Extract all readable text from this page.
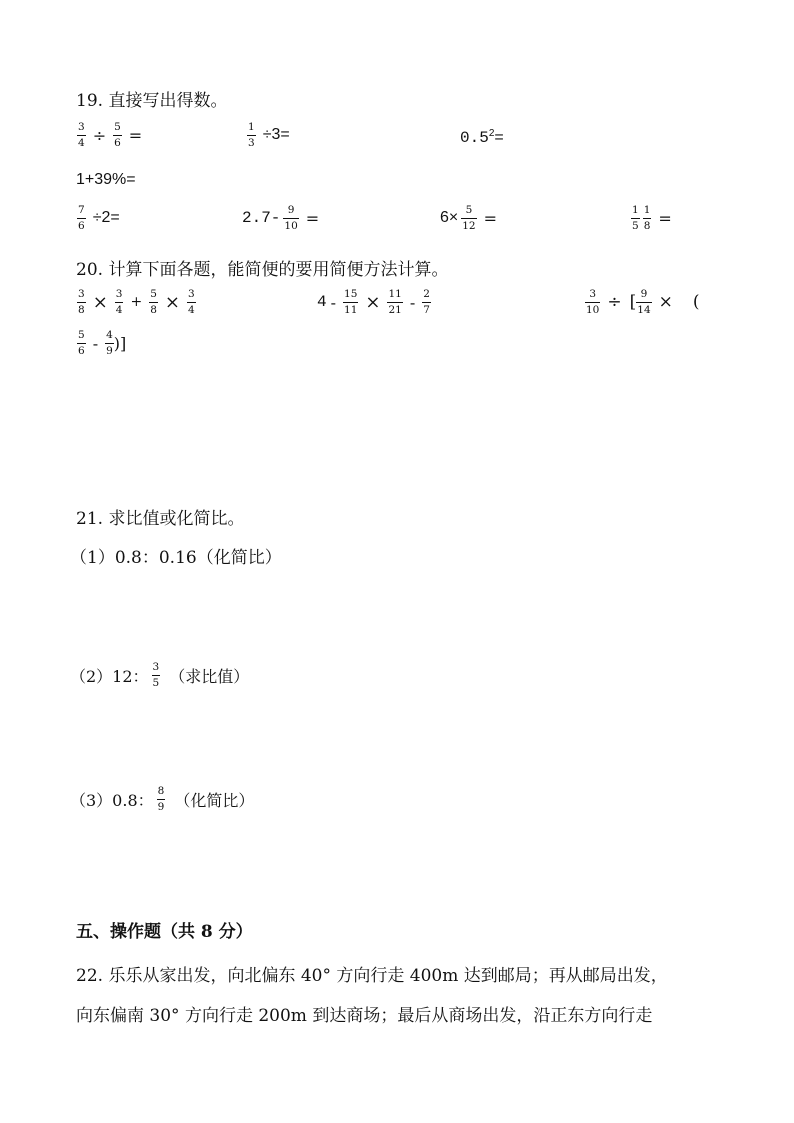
19. 直接写出得数。
$\frac{3}{4} \div \frac{5}{6}$ =	$\frac{1}{3} \div 3=$	$0.5^2$ =
1+39%=
$\frac{7}{6} \div 2=$	$2.7- \frac{9}{10}$ =	$6\times \frac{5}{12}$ =	$\frac{1}{5} \frac{1}{8}$ =
20. 计算下面各题，能简便的要用简便方法计算。
$\frac{3}{8} \times \frac{3}{4} + \frac{5}{8} \times \frac{3}{4}$	$4 - \frac{15}{11} \times \frac{11}{21} - \frac{2}{7}$	$\frac{3}{10}$ ÷ [ $\frac{9}{14}$ × (
$\frac{5}{6} - \frac{4}{9}$ )]
21. 求比值或化简比。
（1）0.8：0.16（化简比）
（2）12： $\frac{3}{5}$ （求比值）
（3）0.8： $\frac{8}{9}$ （化简比）
五、操作题（共 8 分）
22. 乐乐从家出发，向北偏东 40° 方向行走 400m 达到邮局；再从邮局出发，
向东偏南 30° 方向行走 200m 到达商场；最后从商场出发，沿正东方向行走
